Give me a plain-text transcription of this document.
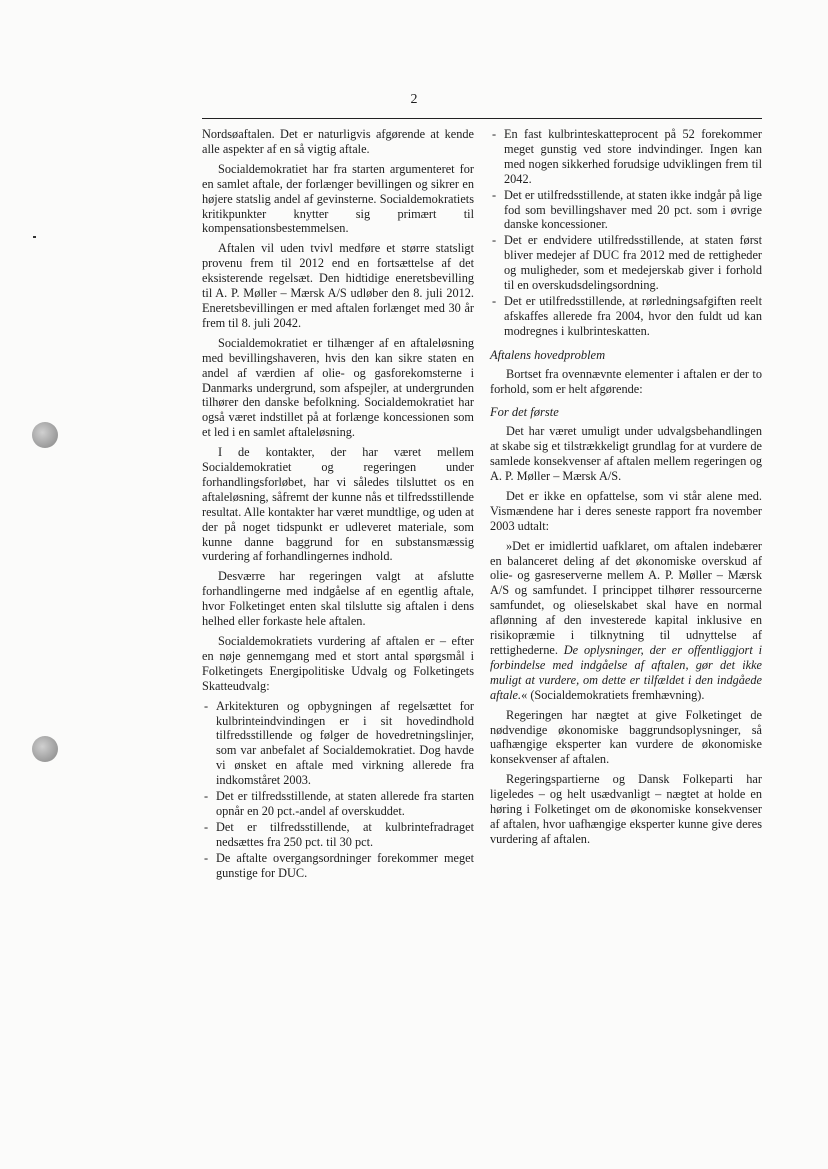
2

Nordsøaftalen. Det er naturligvis afgørende at kende alle aspekter af en så vigtig aftale.

Socialdemokratiet har fra starten argumenteret for en samlet aftale, der forlænger bevillingen og sikrer en højere statslig andel af gevinsterne. Socialdemokratiets kritikpunkter knytter sig primært til kompensationsbestemmelsen.

Aftalen vil uden tvivl medføre et større statsligt provenu frem til 2012 end en fortsættelse af det eksisterende regelsæt. Den hidtidige eneretsbevilling til A. P. Møller – Mærsk A/S udløber den 8. juli 2012. Eneretsbevillingen er med aftalen forlænget med 30 år frem til 8. juli 2042.

Socialdemokratiet er tilhænger af en aftaleløsning med bevillingshaveren, hvis den kan sikre staten en andel af værdien af olie- og gasforekomsterne i Danmarks undergrund, som afspejler, at undergrunden tilhører den danske befolkning. Socialdemokratiet har også været indstillet på at forlænge koncessionen som et led i en samlet aftaleløsning.

I de kontakter, der har været mellem Socialdemokratiet og regeringen under forhandlingsforløbet, har vi således tilsluttet os en aftaleløsning, såfremt der kunne nås et tilfredsstillende resultat. Alle kontakter har været mundtlige, og uden at der på noget tidspunkt er udleveret materiale, som kunne danne baggrund for en substansmæssig vurdering af forhandlingernes indhold.

Desværre har regeringen valgt at afslutte forhandlingerne med indgåelse af en egentlig aftale, hvor Folketinget enten skal tilslutte sig aftalen i dens helhed eller forkaste hele aftalen.

Socialdemokratiets vurdering af aftalen er – efter en nøje gennemgang med et stort antal spørgsmål i Folketingets Energipolitiske Udvalg og Folketingets Skatteudvalg:

- Arkitekturen og opbygningen af regelsættet for kulbrinteindvindingen er i sit hovedindhold tilfredsstillende og følger de hovedretningslinjer, som var anbefalet af Socialdemokratiet. Dog havde vi ønsket en aftale med virkning allerede fra indkomståret 2003.
- Det er tilfredsstillende, at staten allerede fra starten opnår en 20 pct.-andel af overskuddet.
- Det er tilfredsstillende, at kulbrintefradraget nedsættes fra 250 pct. til 30 pct.
- De aftalte overgangsordninger forekommer meget gunstige for DUC.
- En fast kulbrinteskatteprocent på 52 forekommer meget gunstig ved store indvindinger. Ingen kan med nogen sikkerhed forudsige udviklingen frem til 2042.
- Det er utilfredsstillende, at staten ikke indgår på lige fod som bevillingshaver med 20 pct. som i øvrige danske koncessioner.
- Det er endvidere utilfredsstillende, at staten først bliver medejer af DUC fra 2012 med de rettigheder og muligheder, som et medejerskab giver i forhold til en overskudsdelingsordning.
- Det er utilfredsstillende, at rørledningsafgiften reelt afskaffes allerede fra 2004, hvor den fuldt ud kan modregnes i kulbrinteskatten.
Aftalens hovedproblem

Bortset fra ovennævnte elementer i aftalen er der to forhold, som er helt afgørende:

For det første

Det har været umuligt under udvalgsbehandlingen at skabe sig et tilstrækkeligt grundlag for at vurdere de samlede konsekvenser af aftalen mellem regeringen og A. P. Møller – Mærsk A/S.

Det er ikke en opfattelse, som vi står alene med. Vismændene har i deres seneste rapport fra november 2003 udtalt:

»Det er imidlertid uafklaret, om aftalen indebærer en balanceret deling af det økonomiske overskud af olie- og gasreserverne mellem A. P. Møller – Mærsk A/S og samfundet. I princippet tilhører ressourcerne samfundet, og olieselskabet skal have en normal aflønning af den investerede kapital inklusive en risikopræmie i tilknytning til udnyttelse af rettighederne. De oplysninger, der er offentliggjort i forbindelse med indgåelse af aftalen, gør det ikke muligt at vurdere, om dette er tilfældet i den indgåede aftale.« (Socialdemokratiets fremhævning).

Regeringen har nægtet at give Folketinget de nødvendige økonomiske baggrundsoplysninger, så uafhængige eksperter kan vurdere de økonomiske konsekvenser af aftalen.

Regeringspartierne og Dansk Folkeparti har ligeledes – og helt usædvanligt – nægtet at holde en høring i Folketinget om de økonomiske konsekvenser af aftalen, hvor uafhængige eksperter kunne give deres vurdering af aftalen.
